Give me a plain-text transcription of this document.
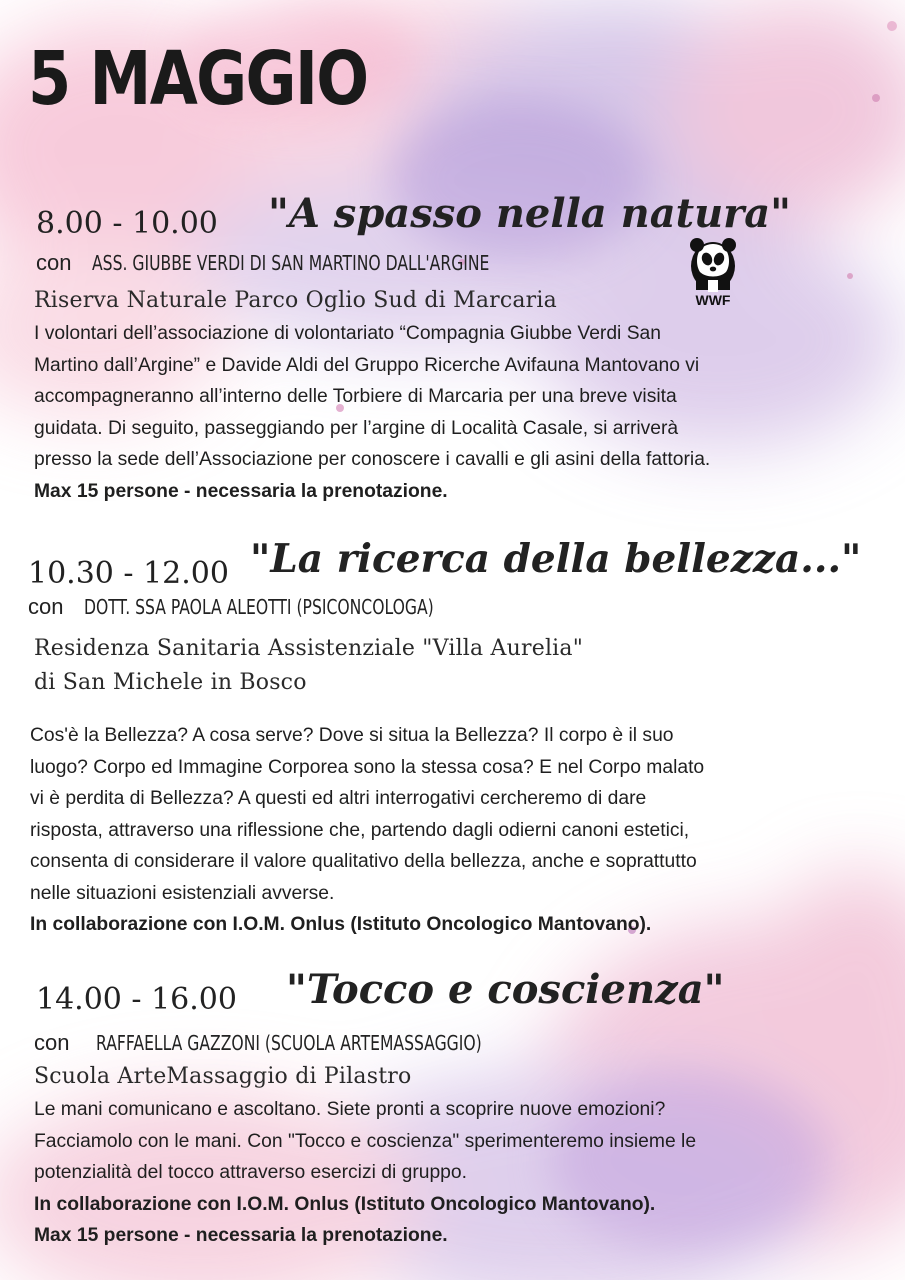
5 MAGGIO
WWF
8.00 - 10.00 "A spasso nella natura"
con ASS. GIUBBE VERDI DI SAN MARTINO DALL'ARGINE

Riserva Naturale Parco Oglio Sud di Marcaria

I volontari dell’associazione di volontariato “Compagnia Giubbe Verdi San
Martino dall’Argine” e Davide Aldi del Gruppo Ricerche Avifauna Mantovano vi
accompagneranno all’interno delle Torbiere di Marcaria per una breve visita
guidata. Di seguito, passeggiando per l’argine di Località Casale, si arriverà
presso la sede dell’Associazione per conoscere i cavalli e gli asini della fattoria.
Max 15 persone - necessaria la prenotazione.

10.30 - 12.00 "La ricerca della bellezza..."
con DOTT. SSA PAOLA ALEOTTI (PSICONCOLOGA)

Residenza Sanitaria Assistenziale "Villa Aurelia"
di San Michele in Bosco

Cos'è la Bellezza? A cosa serve? Dove si situa la Bellezza? Il corpo è il suo
luogo? Corpo ed Immagine Corporea sono la stessa cosa? E nel Corpo malato
vi è perdita di Bellezza? A questi ed altri interrogativi cercheremo di dare
risposta, attraverso una riflessione che, partendo dagli odierni canoni estetici,
consenta di considerare il valore qualitativo della bellezza, anche e soprattutto
nelle situazioni esistenziali avverse.
In collaborazione con I.O.M. Onlus (Istituto Oncologico Mantovano).

14.00 - 16.00 "Tocco e coscienza"
con RAFFAELLA GAZZONI (SCUOLA ARTEMASSAGGIO)

Scuola ArteMassaggio di Pilastro

Le mani comunicano e ascoltano. Siete pronti a scoprire nuove emozioni?
Facciamolo con le mani. Con "Tocco e coscienza" sperimenteremo insieme le
potenzialità del tocco attraverso esercizi di gruppo.
In collaborazione con I.O.M. Onlus (Istituto Oncologico Mantovano).
Max 15 persone - necessaria la prenotazione.
